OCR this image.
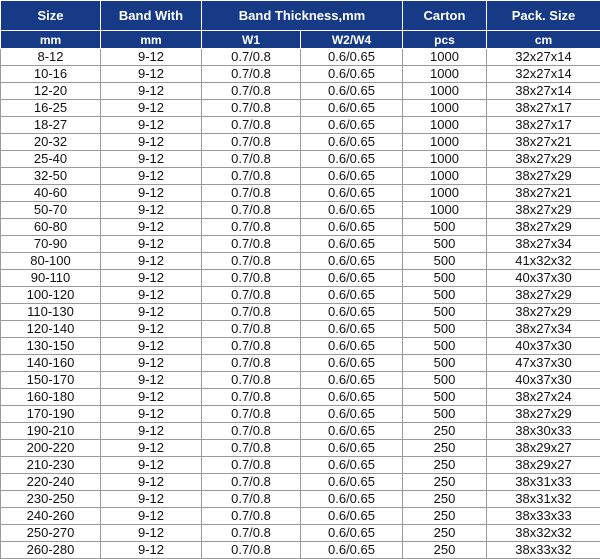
Size	Band With	Band Thickness,mm		Carton	Pack. Size
mm	mm	W1	W2/W4	pcs	cm
8-12	9-12	0.7/0.8	0.6/0.65	1000	32x27x14
10-16	9-12	0.7/0.8	0.6/0.65	1000	32x27x14
12-20	9-12	0.7/0.8	0.6/0.65	1000	38x27x14
16-25	9-12	0.7/0.8	0.6/0.65	1000	38x27x17
18-27	9-12	0.7/0.8	0.6/0.65	1000	38x27x17
20-32	9-12	0.7/0.8	0.6/0.65	1000	38x27x21
25-40	9-12	0.7/0.8	0.6/0.65	1000	38x27x29
32-50	9-12	0.7/0.8	0.6/0.65	1000	38x27x29
40-60	9-12	0.7/0.8	0.6/0.65	1000	38x27x21
50-70	9-12	0.7/0.8	0.6/0.65	1000	38x27x29
60-80	9-12	0.7/0.8	0.6/0.65	500	38x27x29
70-90	9-12	0.7/0.8	0.6/0.65	500	38x27x34
80-100	9-12	0.7/0.8	0.6/0.65	500	41x32x32
90-110	9-12	0.7/0.8	0.6/0.65	500	40x37x30
100-120	9-12	0.7/0.8	0.6/0.65	500	38x27x29
110-130	9-12	0.7/0.8	0.6/0.65	500	38x27x29
120-140	9-12	0.7/0.8	0.6/0.65	500	38x27x34
130-150	9-12	0.7/0.8	0.6/0.65	500	40x37x30
140-160	9-12	0.7/0.8	0.6/0.65	500	47x37x30
150-170	9-12	0.7/0.8	0.6/0.65	500	40x37x30
160-180	9-12	0.7/0.8	0.6/0.65	500	38x27x24
170-190	9-12	0.7/0.8	0.6/0.65	500	38x27x29
190-210	9-12	0.7/0.8	0.6/0.65	250	38x30x33
200-220	9-12	0.7/0.8	0.6/0.65	250	38x29x27
210-230	9-12	0.7/0.8	0.6/0.65	250	38x29x27
220-240	9-12	0.7/0.8	0.6/0.65	250	38x31x33
230-250	9-12	0.7/0.8	0.6/0.65	250	38x31x32
240-260	9-12	0.7/0.8	0.6/0.65	250	38x33x33
250-270	9-12	0.7/0.8	0.6/0.65	250	38x32x32
260-280	9-12	0.7/0.8	0.6/0.65	250	38x33x32
